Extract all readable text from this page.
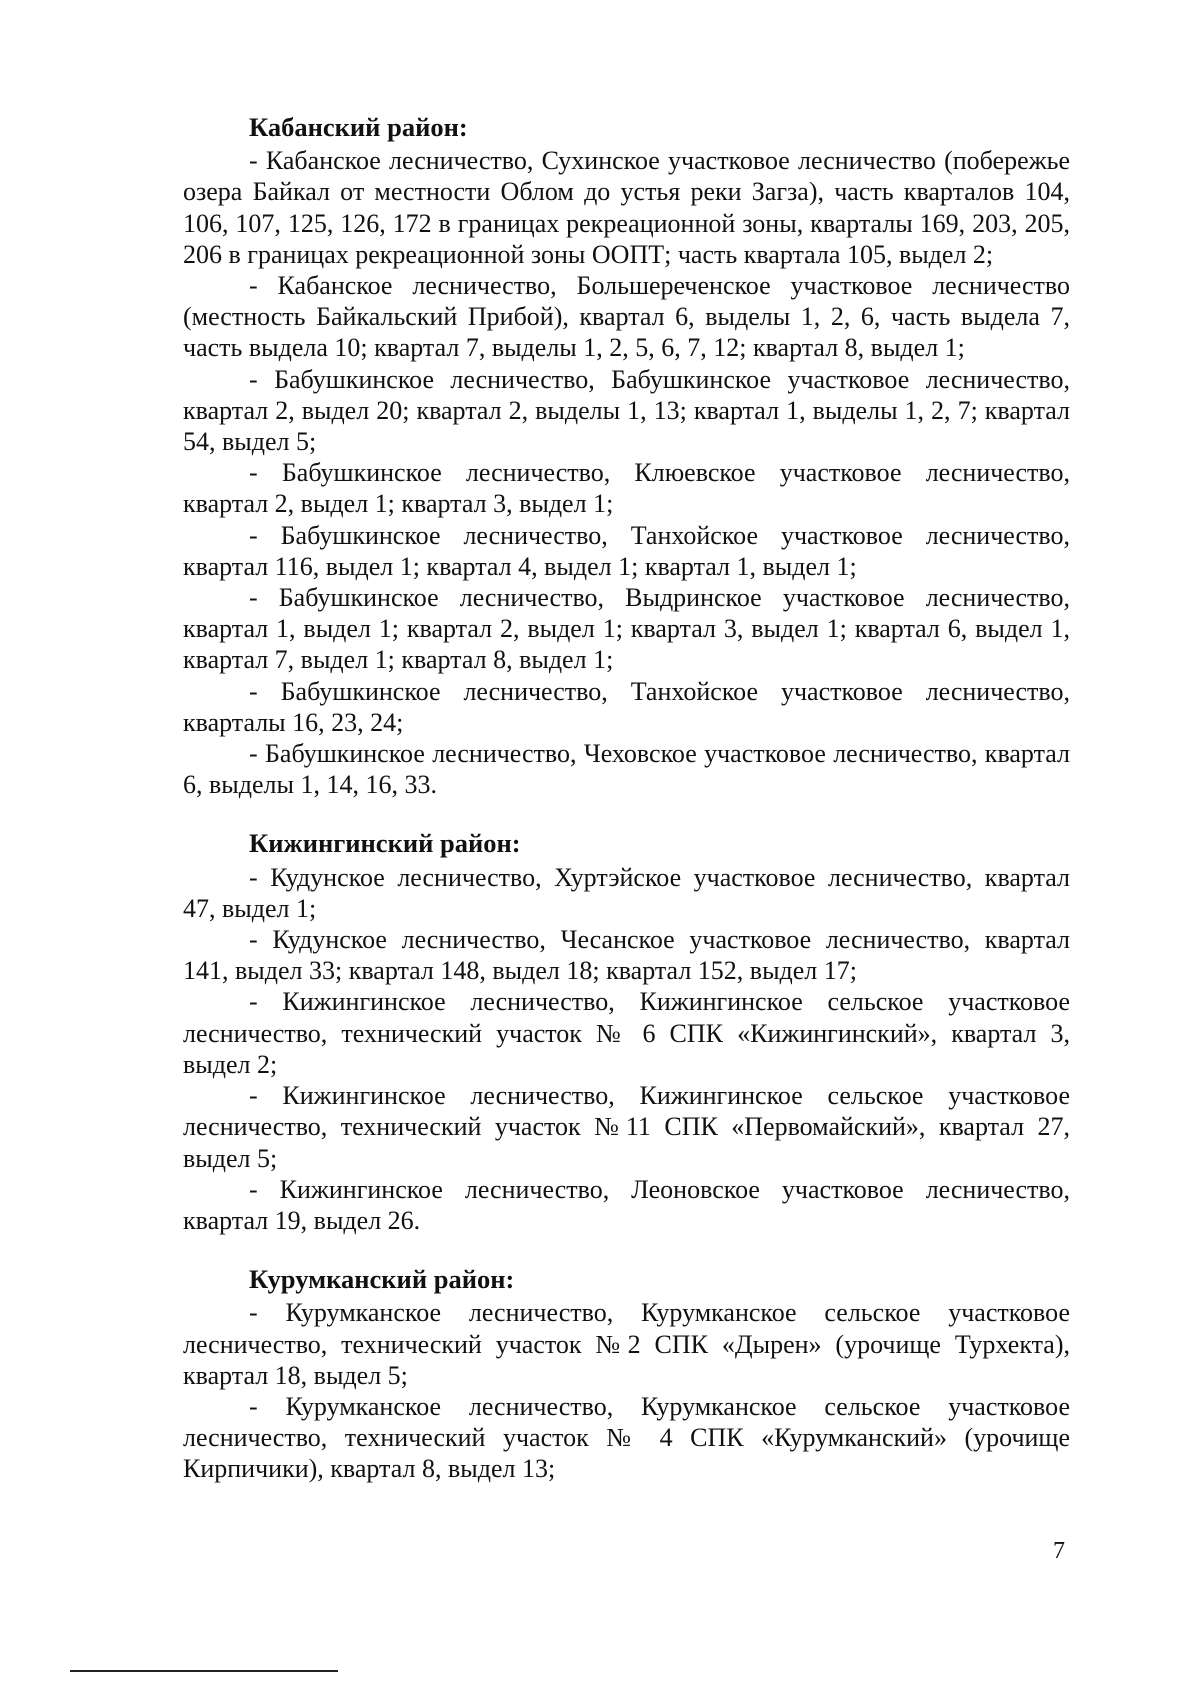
Кабанский район:

- Кабанское лесничество, Сухинское участковое лесничество (побережье озера Байкал от местности Облом до устья реки Загза), часть кварталов 104, 106, 107, 125, 126, 172 в границах рекреационной зоны, кварталы 169, 203, 205, 206 в границах рекреационной зоны ООПТ; часть квартала 105, выдел 2;

- Кабанское лесничество, Большереченское участковое лесничество (местность Байкальский Прибой), квартал 6, выделы 1, 2, 6, часть выдела 7, часть выдела 10; квартал 7, выделы 1, 2, 5, 6, 7, 12; квартал 8, выдел 1;

- Бабушкинское лесничество, Бабушкинское участковое лесничество, квартал 2, выдел 20; квартал 2, выделы 1, 13; квартал 1, выделы 1, 2, 7; квартал 54, выдел 5;

- Бабушкинское лесничество, Клюевское участковое лесничество, квартал 2, выдел 1; квартал 3, выдел 1;

- Бабушкинское лесничество, Танхойское участковое лесничество, квартал 116, выдел 1; квартал 4, выдел 1; квартал 1, выдел 1;

- Бабушкинское лесничество, Выдринское участковое лесничество, квартал 1, выдел 1; квартал 2, выдел 1; квартал 3, выдел 1; квартал 6, выдел 1, квартал 7, выдел 1; квартал 8, выдел 1;

- Бабушкинское лесничество, Танхойское участковое лесничество, кварталы 16, 23, 24;

- Бабушкинское лесничество, Чеховское участковое лесничество, квартал 6, выделы 1, 14, 16, 33.

Кижингинский район:

- Кудунское лесничество, Хуртэйское участковое лесничество, квартал 47, выдел 1;

- Кудунское лесничество, Чесанское участковое лесничество, квартал 141, выдел 33; квартал 148, выдел 18; квартал 152, выдел 17;

- Кижингинское лесничество, Кижингинское сельское участковое лесничество, технический участок № 6 СПК «Кижингинский», квартал 3, выдел 2;

- Кижингинское лесничество, Кижингинское сельское участковое лесничество, технический участок №11 СПК «Первомайский», квартал 27, выдел 5;

- Кижингинское лесничество, Леоновское участковое лесничество, квартал 19, выдел 26.

Курумканский район:

- Курумканское лесничество, Курумканское сельское участковое лесничество, технический участок №2 СПК «Дырен» (урочище Турхекта), квартал 18, выдел 5;

- Курумканское лесничество, Курумканское сельское участковое лесничество, технический участок № 4 СПК «Курумканский» (урочище Кирпичики), квартал 8, выдел 13;

7
